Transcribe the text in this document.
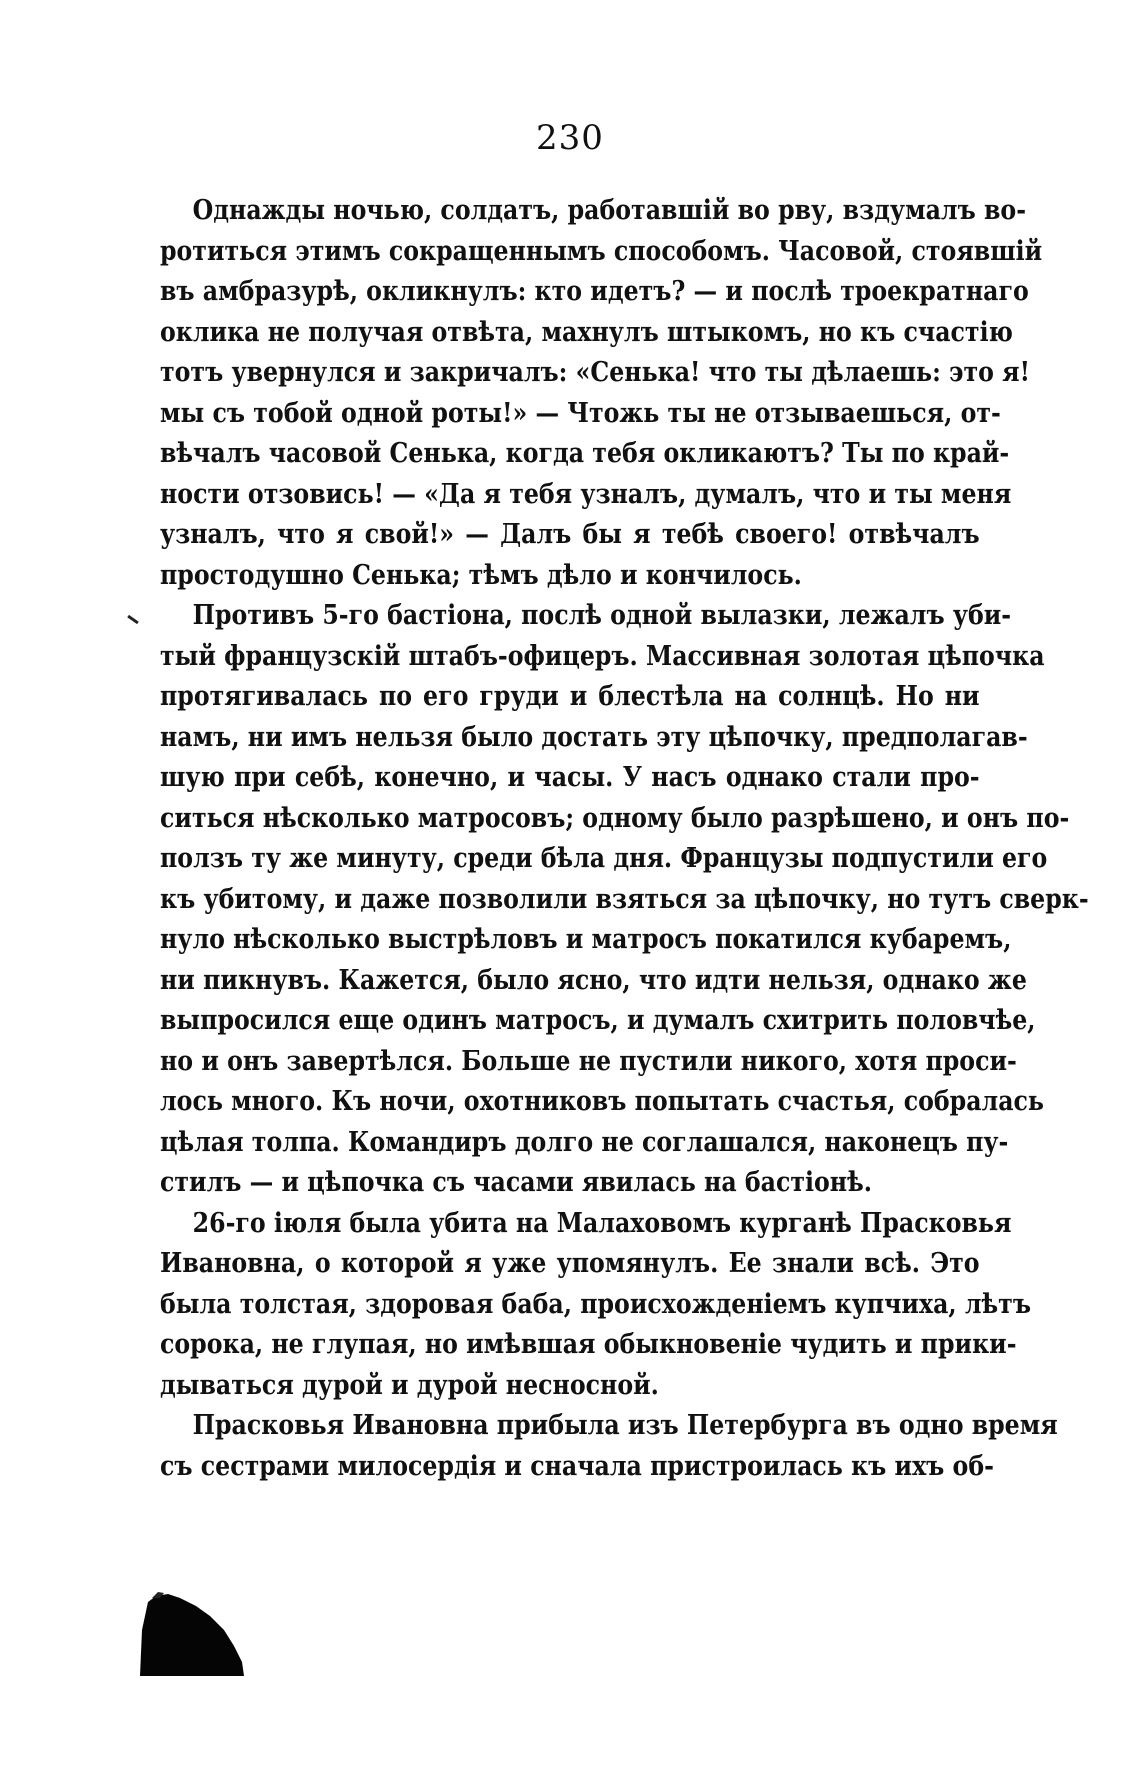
230
Однажды ночью, солдатъ, работавшій во рву, вздумалъ во-
ротиться этимъ сокращеннымъ способомъ. Часовой, стоявшій
въ амбразурѣ, окликнулъ: кто идетъ? — и послѣ троекратнаго
оклика не получая отвѣта, махнулъ штыкомъ, но къ счастію
тотъ увернулся и закричалъ: «Сенька! что ты дѣлаешь: это я!
мы съ тобой одной роты!» — Чтожь ты не отзываешься, от-
вѣчалъ часовой Сенька, когда тебя окликаютъ? Ты по край-
ности отзовись! — «Да я тебя узналъ, думалъ, что и ты меня
узналъ, что я свой!» — Далъ бы я тебѣ своего! отвѣчалъ
простодушно Сенька; тѣмъ дѣло и кончилось.
Противъ 5-го бастіона, послѣ одной вылазки, лежалъ уби-
тый французскій штабъ-офицеръ. Массивная золотая цѣпочка
протягивалась по его груди и блестѣла на солнцѣ. Но ни
намъ, ни имъ нельзя было достать эту цѣпочку, предполагав-
шую при себѣ, конечно, и часы. У насъ однако стали про-
ситься нѣсколько матросовъ; одному было разрѣшено, и онъ по-
ползъ ту же минуту, среди бѣла дня. Французы подпустили его
къ убитому, и даже позволили взяться за цѣпочку, но тутъ сверк-
нуло нѣсколько выстрѣловъ и матросъ покатился кубаремъ,
ни пикнувъ. Кажется, было ясно, что идти нельзя, однако же
выпросился еще одинъ матросъ, и думалъ схитрить половчѣе,
но и онъ завертѣлся. Больше не пустили никого, хотя проси-
лось много. Къ ночи, охотниковъ попытать счастья, собралась
цѣлая толпа. Командиръ долго не соглашался, наконецъ пу-
стилъ — и цѣпочка съ часами явилась на бастіонѣ.
26-го іюля была убита на Малаховомъ курганѣ Прасковья
Ивановна, о которой я уже упомянулъ. Ее знали всѣ. Это
была толстая, здоровая баба, происхожденіемъ купчиха, лѣтъ
сорока, не глупая, но имѣвшая обыкновеніе чудить и прики-
дываться дурой и дурой несносной.
Прасковья Ивановна прибыла изъ Петербурга въ одно время
съ сестрами милосердія и сначала пристроилась къ ихъ об-
